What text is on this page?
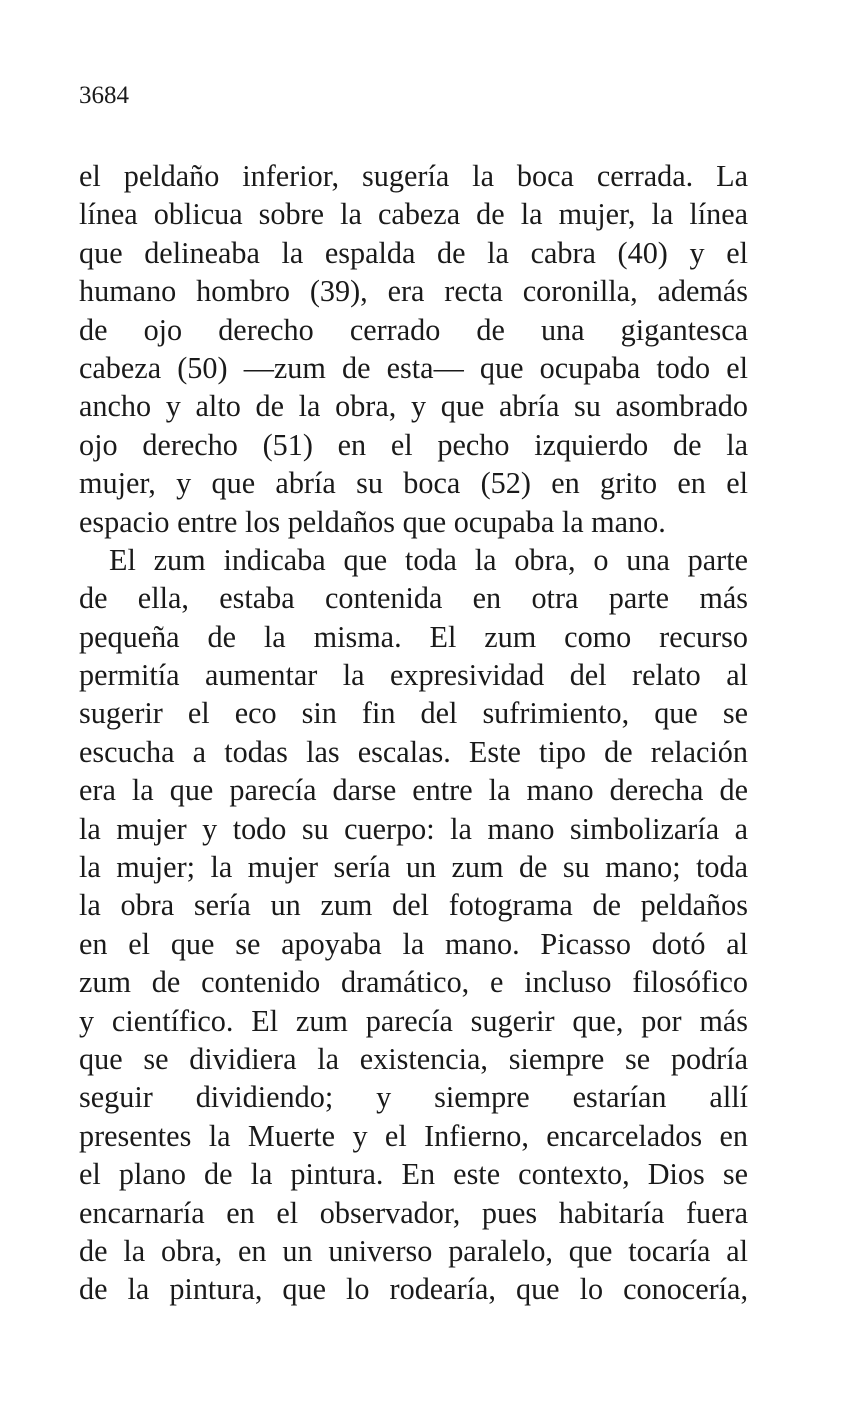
3684
el peldaño inferior, sugería la boca cerrada. La
línea oblicua sobre la cabeza de la mujer, la línea
que delineaba la espalda de la cabra (40) y el
humano hombro (39), era recta coronilla, además
de ojo derecho cerrado de una gigantesca
cabeza (50) —zum de esta— que ocupaba todo el
ancho y alto de la obra, y que abría su asombrado
ojo derecho (51) en el pecho izquierdo de la
mujer, y que abría su boca (52) en grito en el
espacio entre los peldaños que ocupaba la mano.
El zum indicaba que toda la obra, o una parte
de ella, estaba contenida en otra parte más
pequeña de la misma. El zum como recurso
permitía aumentar la expresividad del relato al
sugerir el eco sin fin del sufrimiento, que se
escucha a todas las escalas. Este tipo de relación
era la que parecía darse entre la mano derecha de
la mujer y todo su cuerpo: la mano simbolizaría a
la mujer; la mujer sería un zum de su mano; toda
la obra sería un zum del fotograma de peldaños
en el que se apoyaba la mano. Picasso dotó al
zum de contenido dramático, e incluso filosófico
y científico. El zum parecía sugerir que, por más
que se dividiera la existencia, siempre se podría
seguir dividiendo; y siempre estarían allí
presentes la Muerte y el Infierno, encarcelados en
el plano de la pintura. En este contexto, Dios se
encarnaría en el observador, pues habitaría fuera
de la obra, en un universo paralelo, que tocaría al
de la pintura, que lo rodearía, que lo conocería,
